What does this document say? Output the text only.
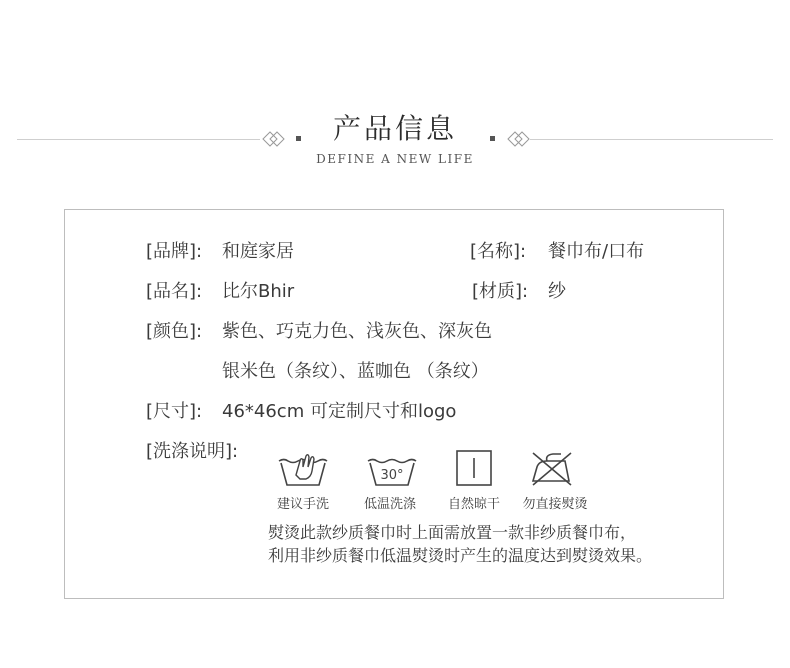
产品信息
DEFINE A NEW LIFE
[品牌]: 和庭家居	[名称]: 餐巾布/口布
[品名]: 比尔Bhir	[材质]: 纱
[颜色]: 紫色、巧克力色、浅灰色、深灰色
银米色（条纹）、蓝咖色 （条纹）
[尺寸]: 46*46cm 可定制尺寸和logo
[洗涤说明]:
30°
建议手洗	低温洗涤	自然晾干	勿直接熨烫
熨烫此款纱质餐巾时上面需放置一款非纱质餐巾布，
利用非纱质餐巾低温熨烫时产生的温度达到熨烫效果。
